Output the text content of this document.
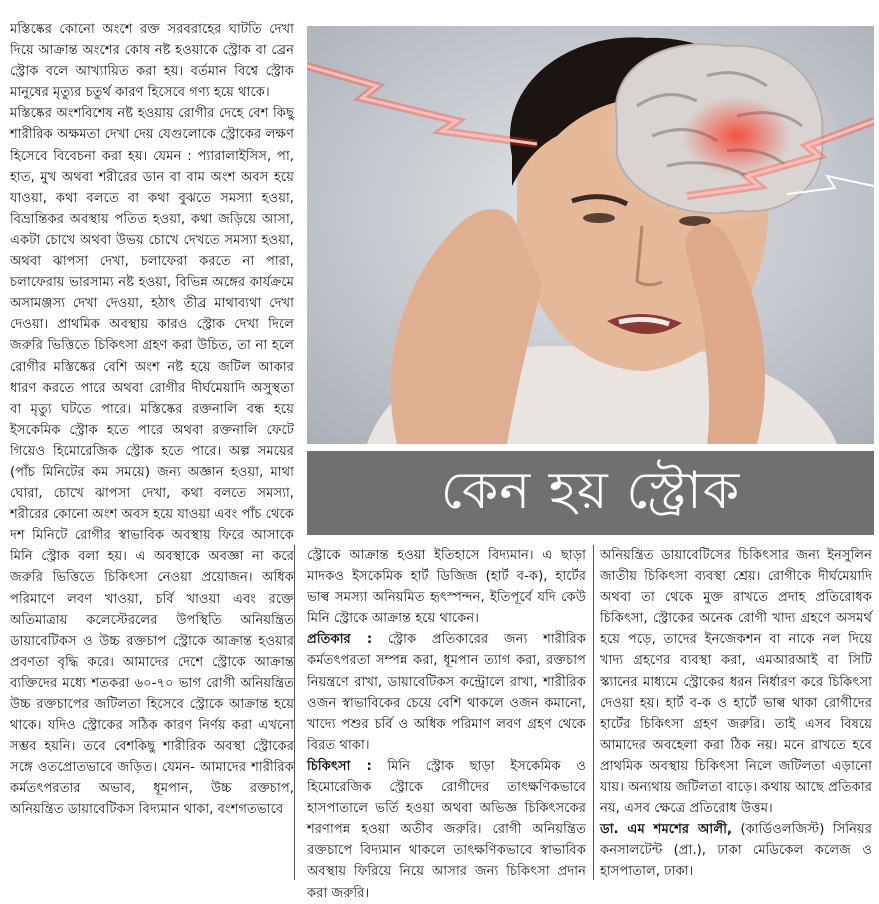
মস্তিষ্কের কোনো অংশে রক্ত সরবরাহের ঘাটতি দেখা দিয়ে আক্রান্ত অংশের কোষ নষ্ট হওয়াকে স্ট্রোক বা ব্রেন স্ট্রোক বলে আখ্যায়িত করা হয়। বর্তমান বিশ্বে স্ট্রোক মানুষের মৃত্যুর চতুর্থ কারণ হিসেবে গণ্য হয়ে থাকে।

মস্তিষ্কের অংশবিশেষ নষ্ট হওয়ায় রোগীর দেহে বেশ কিছু শারীরিক অক্ষমতা দেখা দেয় যেগুলোকে স্ট্রোকের লক্ষণ হিসেবে বিবেচনা করা হয়। যেমন : প্যারালাইসিস, পা, হাত, মুখ অথবা শরীরের ডান বা বাম অংশ অবস হয়ে যাওয়া, কথা বলতে বা কথা বুঝতে সমস্যা হওয়া, বিভ্রান্তিকর অবস্থায় পতিত হওয়া, কথা জড়িয়ে আসা, একটা চোখে অথবা উভয় চোখে দেখতে সমস্যা হওয়া, অথবা ঝাপসা দেখা, চলাফেরা করতে না পারা, চলাফেরায় ভারসাম্য নষ্ট হওয়া, বিভিন্ন অঙ্গের কার্যক্রমে অসামঞ্জস্য দেখা দেওয়া, হঠাৎ তীব্র মাথাব্যথা দেখা দেওয়া। প্রাথমিক অবস্থায় কারও স্ট্রোক দেখা দিলে জরুরি ভিত্তিতে চিকিৎসা গ্রহণ করা উচিত, তা না হলে রোগীর মস্তিষ্কের বেশি অংশ নষ্ট হয়ে জটিল আকার ধারণ করতে পারে অথবা রোগীর দীর্ঘমেয়াদি অসুস্থতা বা মৃত্যু ঘটতে পারে। মস্তিষ্কের রক্তনালি বন্ধ হয়ে ইসকেমিক স্ট্রোক হতে পারে অথবা রক্তনালি ফেটে গিয়েও হিমোরেজিক স্ট্রোক হতে পারে। অল্প সময়ের (পাঁচ মিনিটের কম সময়ে) জন্য অজ্ঞান হওয়া, মাথা ঘোরা, চোখে ঝাপসা দেখা, কথা বলতে সমস্যা, শরীরের কোনো অংশ অবস হয়ে যাওয়া এবং পাঁচ থেকে দশ মিনিটে রোগীর স্বাভাবিক অবস্থায় ফিরে আসাকে মিনি স্ট্রোক বলা হয়। এ অবস্থাকে অবজ্ঞা না করে জরুরি ভিত্তিতে চিকিৎসা নেওয়া প্রয়োজন। অধিক পরিমাণে লবণ খাওয়া, চর্বি খাওয়া এবং রক্তে অতিমাত্রায় কলেস্টেরলের উপস্থিতি অনিয়ন্ত্রিত ডায়াবেটিকস ও উচ্চ রক্তচাপ স্ট্রোকে আক্রান্ত হওয়ার প্রবণতা বৃদ্ধি করে। আমাদের দেশে স্ট্রোকে আক্রান্ত ব্যক্তিদের মধ্যে শতকরা ৬০-৭০ ভাগ রোগী অনিয়ন্ত্রিত উচ্চ রক্তচাপের জটিলতা হিসেবে স্ট্রোকে আক্রান্ত হয়ে থাকে। যদিও স্ট্রোকের সঠিক কারণ নির্ণয় করা এখনো সম্ভব হয়নি। তবে বেশকিছু শারীরিক অবস্থা স্ট্রোকের সঙ্গে ওতপ্রোতভাবে জড়িত। যেমন- আমাদের শারীরিক কর্মতৎপরতার অভাব, ধূমপান, উচ্চ রক্তচাপ, অনিয়ন্ত্রিত ডায়াবেটিকস বিদ্যমান থাকা, বংশগতভাবে

কেন হয় স্ট্রোক

স্ট্রোকে আক্রান্ত হওয়া ইতিহাসে বিদ্যমান। এ ছাড়া মাদকও ইসকেমিক হার্ট ডিজিজ (হার্ট ব-ক), হার্টের ভাল্ব সমস্যা অনিয়মিত হৃৎস্পন্দন, ইতিপূর্বে যদি কেউ মিনি স্ট্রোকে আক্রান্ত হয়ে থাকেন।

প্রতিকার : স্ট্রোক প্রতিকারের জন্য শারীরিক কর্মতৎপরতা সম্পন্ন করা, ধূমপান ত্যাগ করা, রক্তচাপ নিয়ন্ত্রণে রাখা, ডায়াবেটিকস কন্ট্রোলে রাখা, শারীরিক ওজন স্বাভাবিকের চেয়ে বেশি থাকলে ওজন কমানো, খাদ্যে পশুর চর্বি ও অধিক পরিমাণ লবণ গ্রহণ থেকে বিরত থাকা।

চিকিৎসা : মিনি স্ট্রোক ছাড়া ইসকেমিক ও হিমোরেজিক স্ট্রোকে রোগীদের তাৎক্ষণিকভাবে হাসপাতালে ভর্তি হওয়া অথবা অভিজ্ঞ চিকিৎসকের শরণাপন্ন হওয়া অতীব জরুরি। রোগী অনিয়ন্ত্রিত রক্তচাপে বিদ্যমান থাকলে তাৎক্ষণিকভাবে স্বাভাবিক অবস্থায় ফিরিয়ে নিয়ে আসার জন্য চিকিৎসা প্রদান করা জরুরি।

অনিয়ন্ত্রিত ডায়াবেটিসের চিকিৎসার জন্য ইনসুলিন জাতীয় চিকিৎসা ব্যবস্থা শ্রেয়। রোগীকে দীর্ঘমেয়াদি অথবা তা থেকে মুক্ত রাখতে প্রদাহ প্রতিরোধক চিকিৎসা, স্ট্রোকের অনেক রোগী খাদ্য গ্রহণে অসমর্থ হয়ে পড়ে, তাদের ইনজেকশন বা নাকে নল দিয়ে খাদ্য গ্রহণের ব্যবস্থা করা, এমআরআই বা সিটি স্ক্যানের মাধ্যমে স্ট্রোকের ধরন নির্ধারণ করে চিকিৎসা দেওয়া হয়। হার্ট ব-ক ও হার্টে ভাল্ব থাকা রোগীদের হার্টের চিকিৎসা গ্রহণ জরুরি। তাই এসব বিষয়ে আমাদের অবহেলা করা ঠিক নয়। মনে রাখতে হবে প্রাথমিক অবস্থায় চিকিৎসা নিলে জটিলতা এড়ানো যায়। অন্যথায় জটিলতা বাড়ে। কথায় আছে প্রতিকার নয়, এসব ক্ষেত্রে প্রতিরোধ উত্তম।

ডা. এম শমশের আলী, (কার্ডিওলজিস্ট) সিনিয়র কনসালটেন্ট (প্রা.), ঢাকা মেডিকেল কলেজ ও হাসপাতাল, ঢাকা।
